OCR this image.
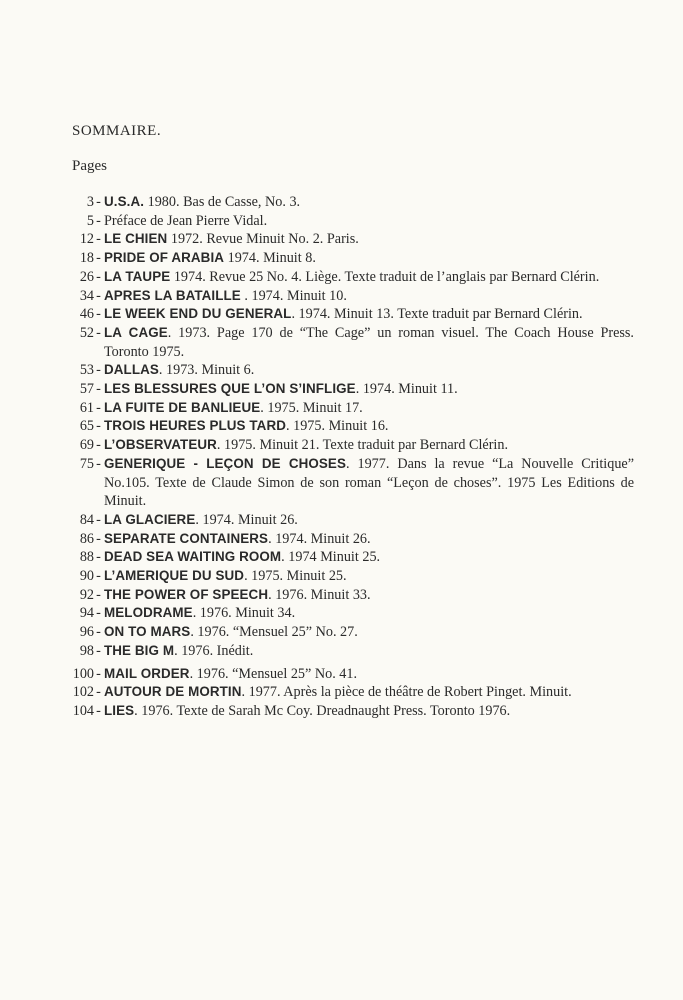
SOMMAIRE.
Pages
3 - U.S.A. 1980. Bas de Casse, No. 3.
5 - Préface de Jean Pierre Vidal.
12 - LE CHIEN 1972. Revue Minuit No. 2. Paris.
18 - PRIDE OF ARABIA 1974. Minuit 8.
26 - LA TAUPE 1974. Revue 25 No. 4. Liège. Texte traduit de l’anglais par Bernard Clérin.
34 - APRES LA BATAILLE . 1974. Minuit 10.
46 - LE WEEK END DU GENERAL. 1974. Minuit 13. Texte traduit par Bernard Clérin.
52 - LA CAGE. 1973. Page 170 de “The Cage” un roman visuel. The Coach House Press. Toronto 1975.
53 - DALLAS. 1973. Minuit 6.
57 - LES BLESSURES QUE L’ON S’INFLIGE. 1974. Minuit 11.
61 - LA FUITE DE BANLIEUE. 1975. Minuit 17.
65 - TROIS HEURES PLUS TARD. 1975. Minuit 16.
69 - L’OBSERVATEUR. 1975. Minuit 21. Texte traduit par Bernard Clérin.
75 - GENERIQUE - LEÇON DE CHOSES. 1977. Dans la revue “La Nouvelle Critique” No.105. Texte de Claude Simon de son roman “Leçon de choses”. 1975 Les Editions de Minuit.
84 - LA GLACIERE. 1974. Minuit 26.
86 - SEPARATE CONTAINERS. 1974. Minuit 26.
88 - DEAD SEA WAITING ROOM. 1974 Minuit 25.
90 - L’AMERIQUE DU SUD. 1975. Minuit 25.
92 - THE POWER OF SPEECH. 1976. Minuit 33.
94 - MELODRAME. 1976. Minuit 34.
96 - ON TO MARS. 1976. “Mensuel 25” No. 27.
98 - THE BIG M. 1976. Inédit.
100 - MAIL ORDER. 1976. “Mensuel 25” No. 41.
102 - AUTOUR DE MORTIN. 1977. Après la pièce de théâtre de Robert Pinget. Minuit.
104 - LIES. 1976. Texte de Sarah Mc Coy. Dreadnaught Press. Toronto 1976.
